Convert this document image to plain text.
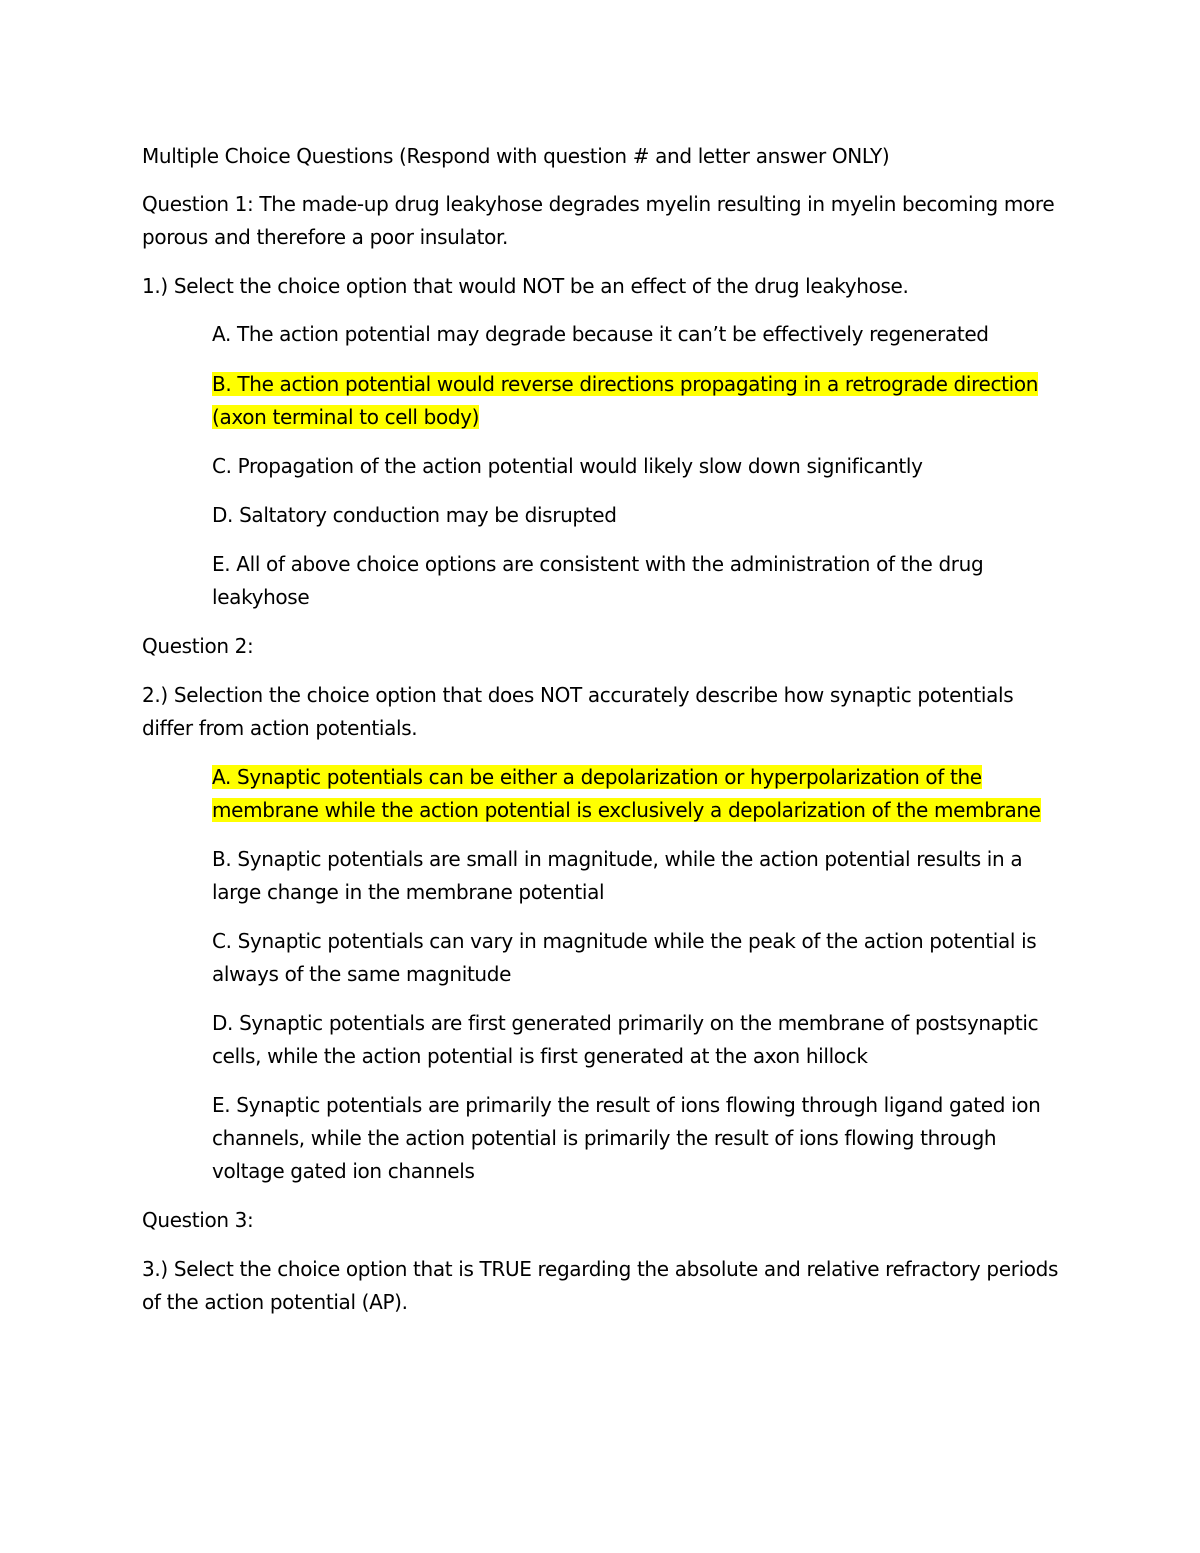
Multiple Choice Questions (Respond with question # and letter answer ONLY)

Question 1: The made-up drug leakyhose degrades myelin resulting in myelin becoming more porous and therefore a poor insulator.

1.) Select the choice option that would NOT be an effect of the drug leakyhose.

A. The action potential may degrade because it can’t be effectively regenerated

B. The action potential would reverse directions propagating in a retrograde direction (axon terminal to cell body)

C. Propagation of the action potential would likely slow down significantly

D. Saltatory conduction may be disrupted

E. All of above choice options are consistent with the administration of the drug leakyhose

Question 2:

2.) Selection the choice option that does NOT accurately describe how synaptic potentials differ from action potentials.

A. Synaptic potentials can be either a depolarization or hyperpolarization of the membrane while the action potential is exclusively a depolarization of the membrane

B. Synaptic potentials are small in magnitude, while the action potential results in a large change in the membrane potential

C. Synaptic potentials can vary in magnitude while the peak of the action potential is always of the same magnitude

D. Synaptic potentials are first generated primarily on the membrane of postsynaptic cells, while the action potential is first generated at the axon hillock

E. Synaptic potentials are primarily the result of ions flowing through ligand gated ion channels, while the action potential is primarily the result of ions flowing through voltage gated ion channels

Question 3:

3.) Select the choice option that is TRUE regarding the absolute and relative refractory periods of the action potential (AP).
